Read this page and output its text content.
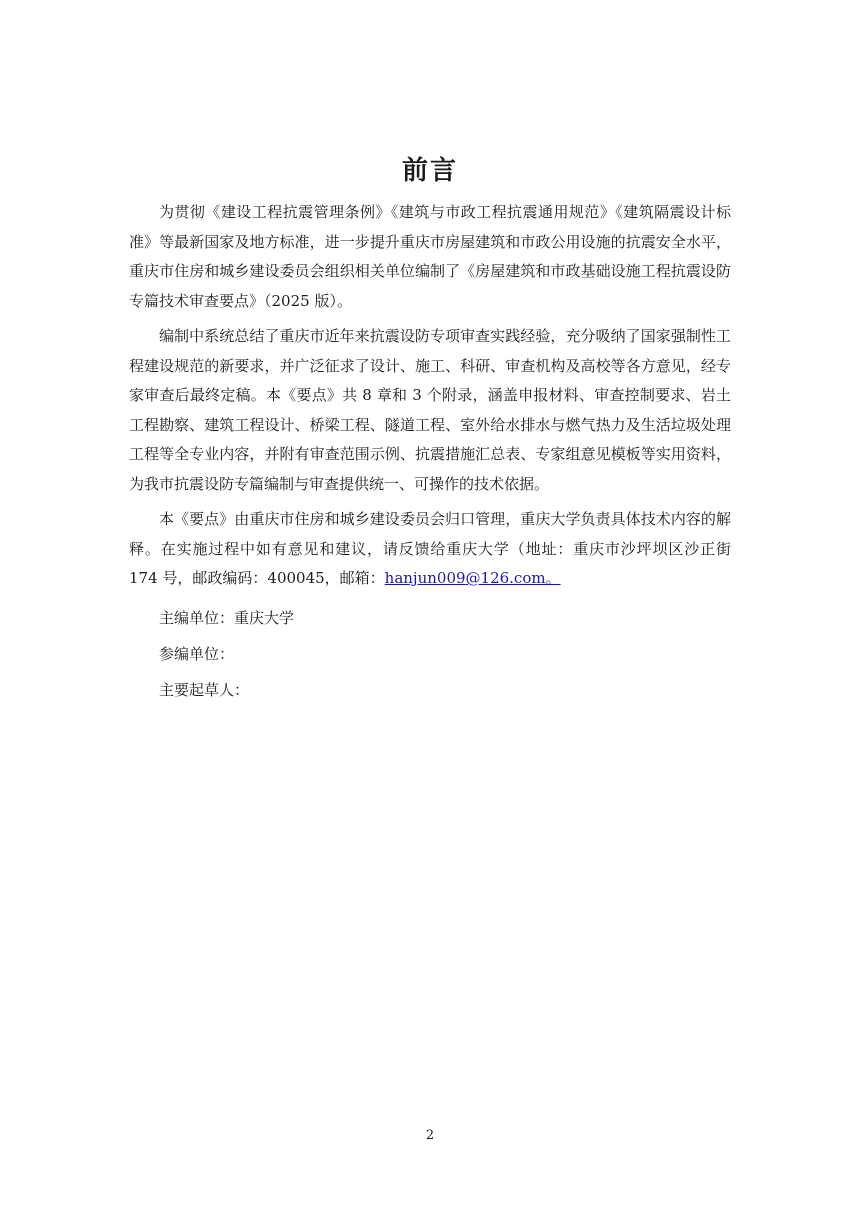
前言

为贯彻《建设工程抗震管理条例》《建筑与市政工程抗震通用规范》《建筑隔震设计标准》等最新国家及地方标准，进一步提升重庆市房屋建筑和市政公用设施的抗震安全水平，重庆市住房和城乡建设委员会组织相关单位编制了《房屋建筑和市政基础设施工程抗震设防专篇技术审查要点》（2025 版）。

编制中系统总结了重庆市近年来抗震设防专项审查实践经验，充分吸纳了国家强制性工程建设规范的新要求，并广泛征求了设计、施工、科研、审查机构及高校等各方意见，经专家审查后最终定稿。本《要点》共 8 章和 3 个附录，涵盖申报材料、审查控制要求、岩土工程勘察、建筑工程设计、桥梁工程、隧道工程、室外给水排水与燃气热力及生活垃圾处理工程等全专业内容，并附有审查范围示例、抗震措施汇总表、专家组意见模板等实用资料，为我市抗震设防专篇编制与审查提供统一、可操作的技术依据。

本《要点》由重庆市住房和城乡建设委员会归口管理，重庆大学负责具体技术内容的解释。在实施过程中如有意见和建议，请反馈给重庆大学（地址：重庆市沙坪坝区沙正街 174 号，邮政编码：400045，邮箱：hanjun009@126.com。

主编单位：重庆大学

参编单位：

主要起草人：

2
